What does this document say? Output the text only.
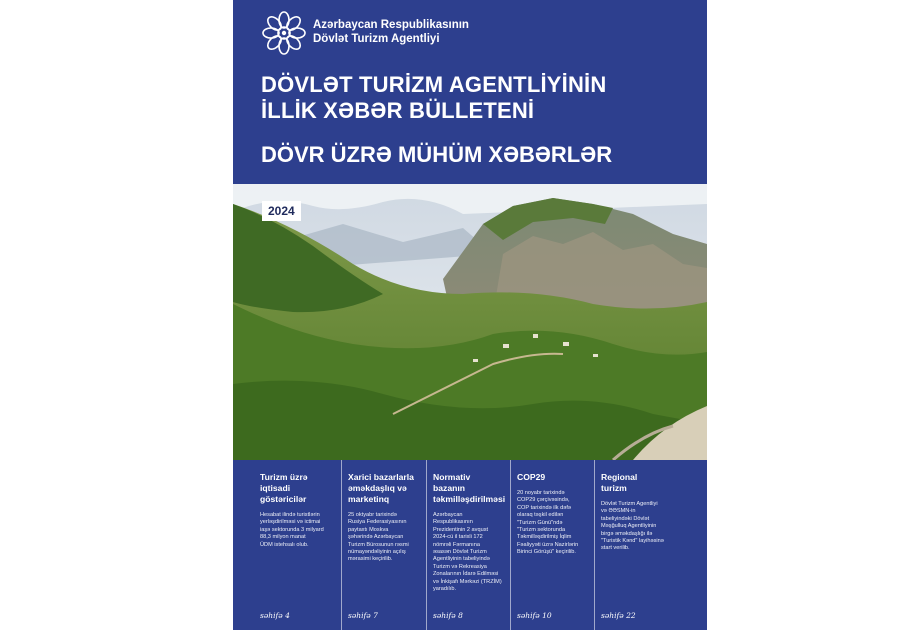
Azərbaycan Respublikasının
Dövlət Turizm Agentliyi
DÖVLƏT TURİZM AGENTLİYİNİN
İLLİK XƏBƏR BÜLLETENİ
DÖVR ÜZRƏ MÜHÜM XƏBƏRLƏR
2024
Turizm üzrə
iqtisadi
göstəricilər
Hesabat ilində turistlərin
yerləşdirilməsi və ictimai
iaşə sektorunda 3 milyard
88,3 milyon manat
ÜDM istehsalı olub.
səhifə 4
Xarici bazarlarla
əməkdaşlıq və
marketinq
25 oktyabr tarixində
Rusiya Federasiyasının
paytaxtı Moskva
şəhərində Azərbaycan
Turizm Bürosunun rəsmi
nümayəndəliyinin açılış
mərasimi keçirilib.
səhifə 7
Normativ
bazanın
təkmilləşdirilməsi
Azərbaycan
Respublikasının
Prezidentinin 2 avqust
2024-cü il tarixli 172
nömrəli Fərmanına
əsasən Dövlət Turizm
Agentliyinin tabeliyində
Turizm və Rekreasiya
Zonalarının İdarə Edilməsi
və İnkişafı Mərkəzi (TRZİM)
yaradılıb.
səhifə 8
COP29
20 noyabr tarixində
COP29 çərçivəsində,
COP tarixində ilk dəfə
olaraq təşkil edilən
"Turizm Günü"ndə
"Turizm sektorunda
Təkmilləşdirilmiş İqlim
Fəaliyyəti üzrə Nazirlərin
Birinci Görüşü" keçirilib.
səhifə 10
Regional
turizm
Dövlət Turizm Agentliyi
və ƏƏSMN-in
tabeliyindəki Dövlət
Məşğulluq Agentliyinin
birgə əməkdaşlığı ilə
"Turistik Kənd" layihəsinə
start verilib.
səhifə 22
